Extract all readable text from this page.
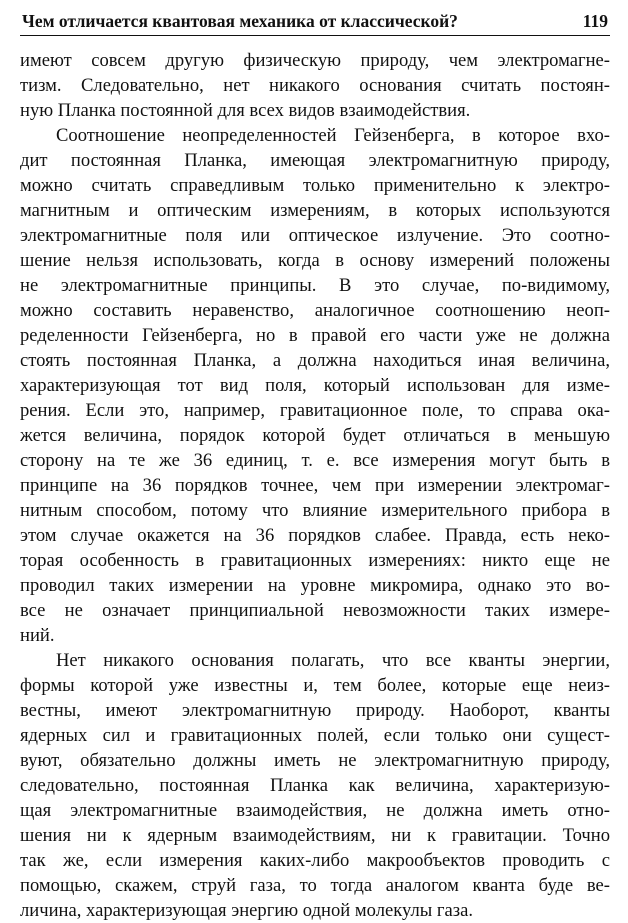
Чем отличается квантовая механика от классической?	119
имеют совсем другую физическую природу, чем электромагне-
тизм. Следовательно, нет никакого основания считать постоян-
ную Планка постоянной для всех видов взаимодействия.
Соотношение неопределенностей Гейзенберга, в которое вхо-
дит постоянная Планка, имеющая электромагнитную природу,
можно считать справедливым только применительно к электро-
магнитным и оптическим измерениям, в которых используются
электромагнитные поля или оптическое излучение. Это соотно-
шение нельзя использовать, когда в основу измерений положены
не электромагнитные принципы. В это случае, по-видимому,
можно составить неравенство, аналогичное соотношению неоп-
ределенности Гейзенберга, но в правой его части уже не должна
стоять постоянная Планка, а должна находиться иная величина,
характеризующая тот вид поля, который использован для изме-
рения. Если это, например, гравитационное поле, то справа ока-
жется величина, порядок которой будет отличаться в меньшую
сторону на те же 36 единиц, т. е. все измерения могут быть в
принципе на 36 порядков точнее, чем при измерении электромаг-
нитным способом, потому что влияние измерительного прибора в
этом случае окажется на 36 порядков слабее. Правда, есть неко-
торая особенность в гравитационных измерениях: никто еще не
проводил таких измерении на уровне микромира, однако это во-
все не означает принципиальной невозможности таких измере-
ний.
Нет никакого основания полагать, что все кванты энергии,
формы которой уже известны и, тем более, которые еще неиз-
вестны, имеют электромагнитную природу. Наоборот, кванты
ядерных сил и гравитационных полей, если только они сущест-
вуют, обязательно должны иметь не электромагнитную природу,
следовательно, постоянная Планка как величина, характеризую-
щая электромагнитные взаимодействия, не должна иметь отно-
шения ни к ядерным взаимодействиям, ни к гравитации. Точно
так же, если измерения каких-либо макрообъектов проводить с
помощью, скажем, струй газа, то тогда аналогом кванта буде ве-
личина, характеризующая энергию одной молекулы газа.
